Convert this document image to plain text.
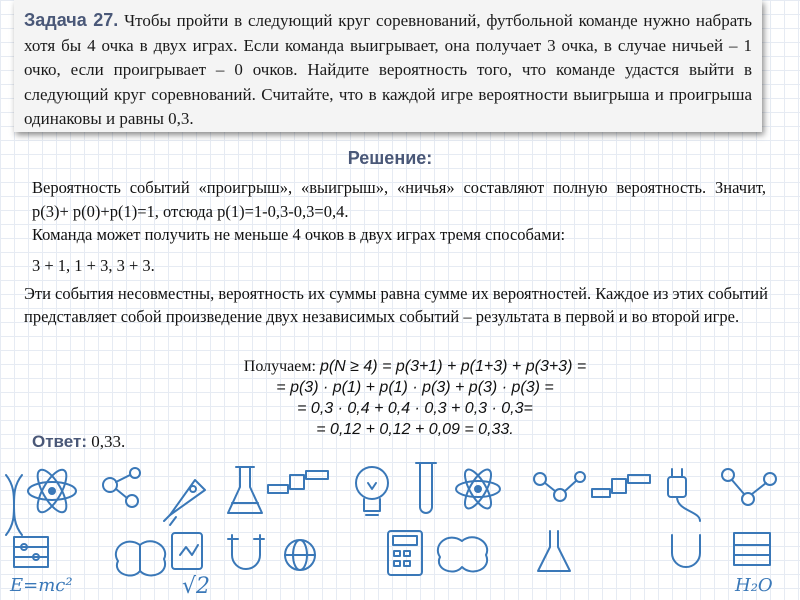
Задача 27. Чтобы пройти в следующий круг соревнований, футбольной команде нужно набрать хотя бы 4 очка в двух играх. Если команда выигрывает, она получает 3 очка, в случае ничьей – 1 очко, если проигрывает – 0 очков. Найдите вероятность того, что команде удастся выйти в следующий круг соревнований. Считайте, что в каждой игре вероятности выигрыша и проигрыша одинаковы и равны 0,3.
Решение:
Вероятность событий «проигрыш», «выигрыш», «ничья» составляют полную вероятность. Значит, р(3)+ р(0)+р(1)=1, отсюда р(1)=1-0,3-0,3=0,4.
Команда может получить не меньше 4 очков в двух играх тремя способами:
3 + 1, 1 + 3, 3 + 3.
Эти события несовместны, вероятность их суммы равна сумме их вероятностей. Каждое из этих событий представляет собой произведение двух независимых событий – результата в первой и во второй игре.
Получаем: p(N ≥ 4) = p(3+1) + p(1+3) + p(3+3) =
= p(3) · p(1) + p(1) · p(3) + p(3) · p(3) =
= 0,3 · 0,4 + 0,4 · 0,3 + 0,3 · 0,3=
= 0,12 + 0,12 + 0,09 = 0,33.
Ответ: 0,33.
E=mc²	√2	H₂O
